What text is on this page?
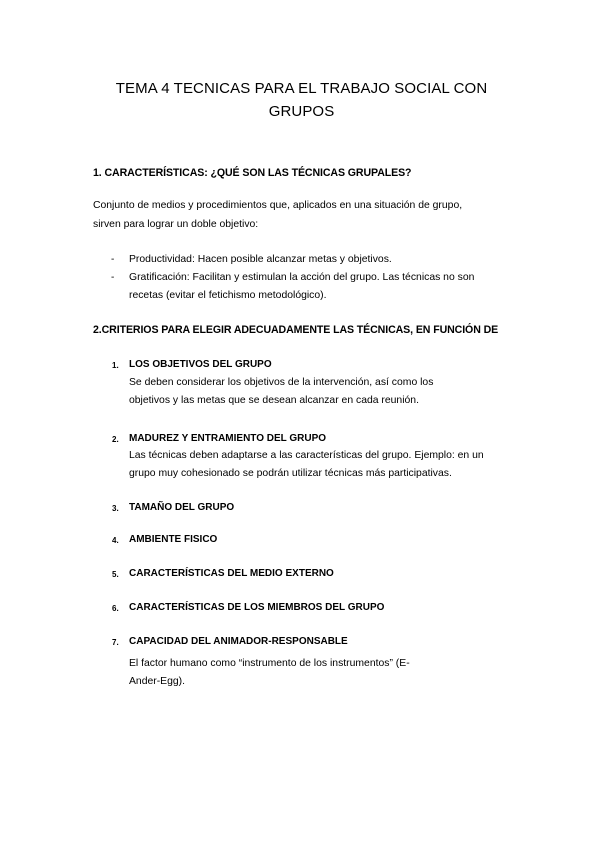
TEMA 4 TECNICAS PARA EL TRABAJO SOCIAL CON
GRUPOS
1. CARACTERÍSTICAS: ¿QUÉ SON LAS TÉCNICAS GRUPALES?
Conjunto de medios y procedimientos que, aplicados en una situación de grupo,
sirven para lograr un doble objetivo:
- Productividad: Hacen posible alcanzar metas y objetivos.
- Gratificación: Facilitan y estimulan la acción del grupo. Las técnicas no son
recetas (evitar el fetichismo metodológico).
2.CRITERIOS PARA ELEGIR ADECUADAMENTE LAS TÉCNICAS, EN FUNCIÓN DE
1. LOS OBJETIVOS DEL GRUPO
Se deben considerar los objetivos de la intervención, así como los
objetivos y las metas que se desean alcanzar en cada reunión.
2. MADUREZ Y ENTRAMIENTO DEL GRUPO
Las técnicas deben adaptarse a las características del grupo. Ejemplo: en un
grupo muy cohesionado se podrán utilizar técnicas más participativas.
3. TAMAÑO DEL GRUPO
4. AMBIENTE FISICO
5. CARACTERÍSTICAS DEL MEDIO EXTERNO
6. CARACTERÍSTICAS DE LOS MIEMBROS DEL GRUPO
7. CAPACIDAD DEL ANIMADOR-RESPONSABLE
El factor humano como “instrumento de los instrumentos” (E-
Ander-Egg).
